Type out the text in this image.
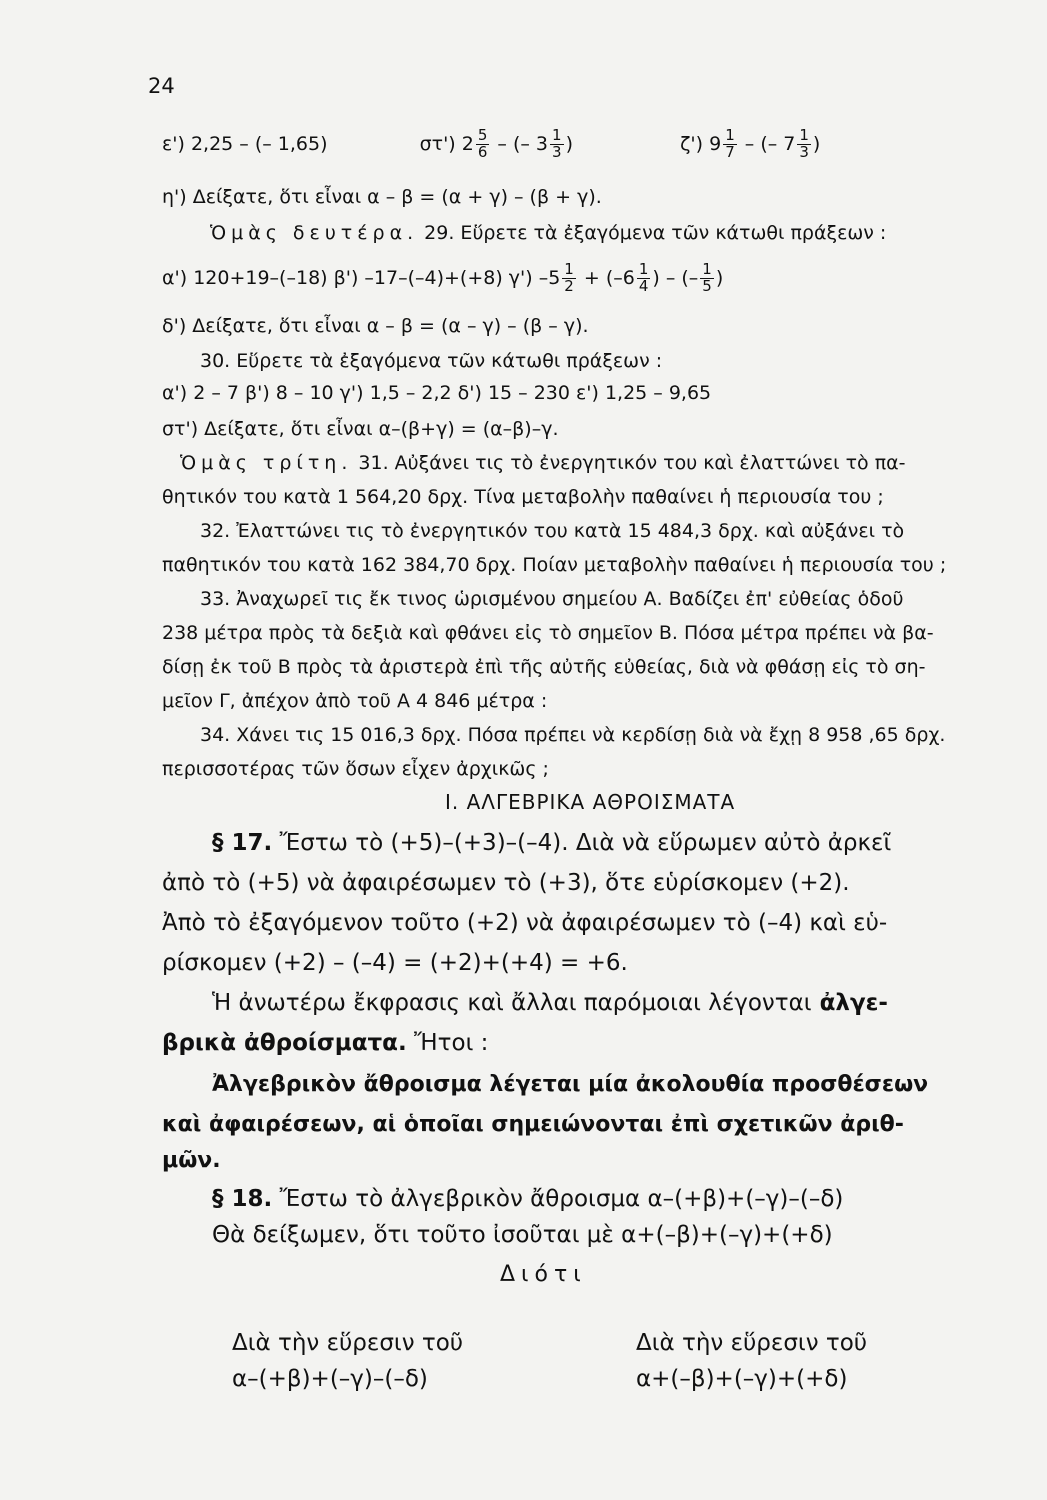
24
ε') 2,25 – (– 1,65)	στ') $2 \frac{5}{6}$ – (– $3 \frac{1}{3}$ )	ζ') $9 \frac{1}{7}$ – (– $7 \frac{1}{3}$ )
η') Δείξατε, ὅτι εἶναι α – β = (α + γ) – (β + γ).
Ὁμὰς δευτέρα. 29. Εὕρετε τὰ ἐξαγόμενα τῶν κάτωθι πράξεων :
α') 120+19–(–18) β') –17–(–4)+(+8) γ') $-5 \frac{1}{2} + (-6 \frac{1}{4}$ ) – (– $\frac{1}{5}$ )
δ') Δείξατε, ὅτι εἶναι α – β = (α – γ) – (β – γ).
30. Εὕρετε τὰ ἐξαγόμενα τῶν κάτωθι πράξεων :
α') 2 – 7 β') 8 – 10 γ') 1,5 – 2,2 δ') 15 – 230 ε') 1,25 – 9,65
στ') Δείξατε, ὅτι εἶναι α–(β+γ) = (α–β)–γ.
Ὁμὰς τρίτη. 31. Αὐξάνει τις τὸ ἐνεργητικόν του καὶ ἐλαττώνει τὸ πα-
θητικόν του κατὰ 1 564,20 δρχ. Τίνα μεταβολὴν παθαίνει ἡ περιουσία του ;
32. Ἐλαττώνει τις τὸ ἐνεργητικόν του κατὰ 15 484,3 δρχ. καὶ αὐξάνει τὸ
παθητικόν του κατὰ 162 384,70 δρχ. Ποίαν μεταβολὴν παθαίνει ἡ περιουσία του ;
33. Ἀναχωρεῖ τις ἔκ τινος ὡρισμένου σημείου Α. Βαδίζει ἐπ' εὐθείας ὁδοῦ
238 μέτρα πρὸς τὰ δεξιὰ καὶ φθάνει εἰς τὸ σημεῖον Β. Πόσα μέτρα πρέπει νὰ βα-
δίσῃ ἐκ τοῦ Β πρὸς τὰ ἀριστερὰ ἐπὶ τῆς αὐτῆς εὐθείας, διὰ νὰ φθάσῃ εἰς τὸ ση-
μεῖον Γ, ἀπέχον ἀπὸ τοῦ Α 4 846 μέτρα :
34. Χάνει τις 15 016,3 δρχ. Πόσα πρέπει νὰ κερδίσῃ διὰ νὰ ἔχῃ 8 958 ,65 δρχ.
περισσοτέρας τῶν ὅσων εἶχεν ἀρχικῶς ;
I. ΑΛΓΕΒΡΙΚΑ ΑΘΡΟΙΣΜΑΤΑ
§ 17. Ἔστω τὸ (+5)–(+3)–(–4). Διὰ νὰ εὕρωμεν αὐτὸ ἀρκεῖ
ἀπὸ τὸ (+5) νὰ ἀφαιρέσωμεν τὸ (+3), ὅτε εὑρίσκομεν (+2).
Ἀπὸ τὸ ἐξαγόμενον τοῦτο (+2) νὰ ἀφαιρέσωμεν τὸ (–4) καὶ εὑ-
ρίσκομεν (+2) – (–4) = (+2)+(+4) = +6.
Ἡ ἀνωτέρω ἔκφρασις καὶ ἄλλαι παρόμοιαι λέγονται ἀλγε-
βρικὰ ἀθροίσματα. Ἤτοι :
Ἀλγεβρικὸν ἄθροισμα λέγεται μία ἀκολουθία προσθέσεων
καὶ ἀφαιρέσεων, αἱ ὁποῖαι σημειώνονται ἐπὶ σχετικῶν ἀριθ-
μῶν.
§ 18. Ἔστω τὸ ἀλγεβρικὸν ἄθροισμα α–(+β)+(–γ)–(–δ)
Θὰ δείξωμεν, ὅτι τοῦτο ἰσοῦται μὲ α+(–β)+(–γ)+(+δ)
Διότι
Διὰ τὴν εὕρεσιν τοῦ
α–(+β)+(–γ)–(–δ)
Διὰ τὴν εὕρεσιν τοῦ
α+(–β)+(–γ)+(+δ)
